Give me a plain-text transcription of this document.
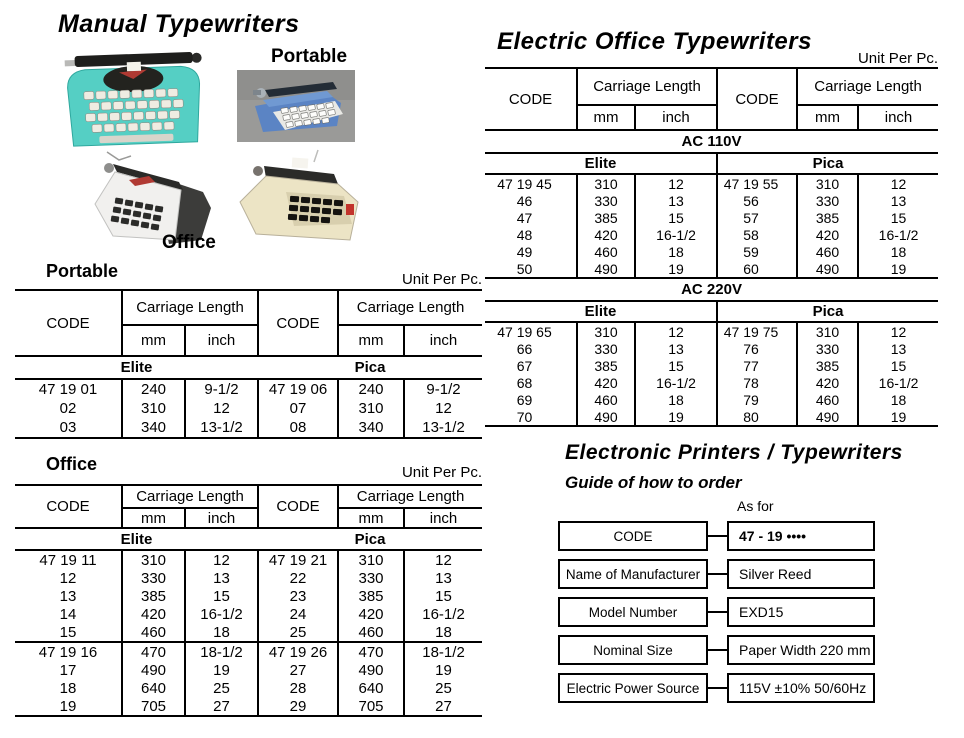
Manual Typewriters
Portable
Office
Portable	Unit Per Pc.
CODE	Carriage Length		CODE	Carriage Length	
	mm	inch		mm	inch
Elite			Pica		
47 19 01	240	9-1/2	47 19 06	240	9-1/2
02	310	12	07	310	12
03	340	13-1/2	08	340	13-1/2
Office	Unit Per Pc.
CODE	Carriage Length		CODE	Carriage Length	
	mm	inch		mm	inch
Elite			Pica		
47 19 11	310	12	47 19 21	310	12
12	330	13	22	330	13
13	385	15	23	385	15
14	420	16-1/2	24	420	16-1/2
15	460	18	25	460	18
47 19 16	470	18-1/2	47 19 26	470	18-1/2
17	490	19	27	490	19
18	640	25	28	640	25
19	705	27	29	705	27
Electric Office Typewriters
Unit Per Pc.
CODE	Carriage Length		CODE	Carriage Length	
	mm	inch		mm	inch
AC 110V					
Elite			Pica		
47 19 45	310	12	47 19 55	310	12
46	330	13	56	330	13
47	385	15	57	385	15
48	420	16-1/2	58	420	16-1/2
49	460	18	59	460	18
50	490	19	60	490	19
AC 220V					
Elite			Pica		
47 19 65	310	12	47 19 75	310	12
66	330	13	76	330	13
67	385	15	77	385	15
68	420	16-1/2	78	420	16-1/2
69	460	18	79	460	18
70	490	19	80	490	19
Electronic Printers / Typewriters
Guide of how to order
As for
CODE	47 - 19 ••••
Name of Manufacturer	Silver Reed
Model Number	EXD15
Nominal Size	Paper Width 220 mm
Electric Power Source	115V ±10% 50/60Hz
